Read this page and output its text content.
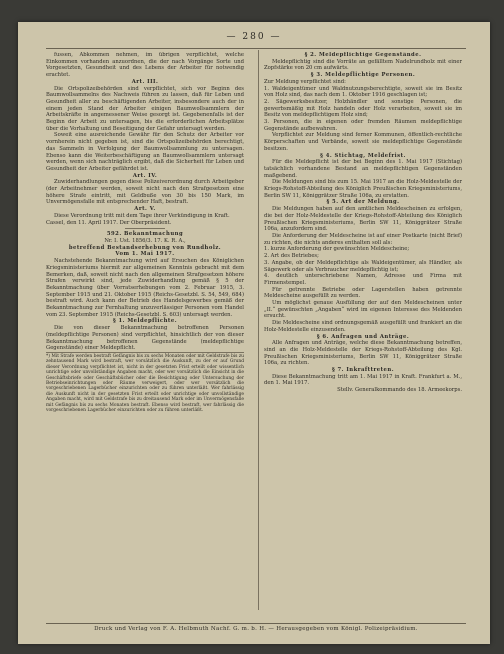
— 280 —

fussen, Abkommen nehmen, im übrigen verpflichtet, welche Einkommen vorhanden anzuordnen, die der nach Vorgänge Sorte und Vorgesetzten, Gesundheit und des Lebens der Arbeiter für notwendig erachtet.

Art. III.

Die Ortspolizeibehörden sind verpflichtet, sich vor Beginn des Baumwollsammelns des Nachweis führen zu lassen, daß für Leben und Gesundheit aller zu beschäftigenden Arbeiter, insbesondere auch der in einem jeden Stand der Arbeiter einigen Baumwollsammlern der Arbeitskräfte in angemessener Weise gesorgt ist. Gegebenenfalls ist der Beginn der Arbeit zu untersagen, bis die erforderlichen Arbeitsplätze über die Vorhaltung und Beseitigung der Gefahr untersagt werden.

Soweit eine ausreichende Gewähr für den Schutz der Arbeiter vor vornherein nicht gegeben ist, sind die Ortspolizeibehörden berechtigt, das Sammeln in Verfolgung der Baumwollsammlung zu untersagen. Ebenso kann die Weiterbeschäftigung an Baumwollsammlern untersagt werden, wenn sich nachträglich ergibt, daß die Sicherheit für Leben und Gesundheit der Arbeiter gefährdet ist.

Art. IV.

Zuwiderhandlungen gegen diese Polizeiverordnung durch Arbeitgeber (der Arbeitnehmer werden, soweit nicht nach den Strafgesetzen eine höhere Strafe eintritt, mit Geldbuße von 30 bis 150 Mark, im Unvermögensfalle mit entsprechender Haft, bestraft.

Art. V.

Diese Verordnung tritt mit dem Tage ihrer Verkündigung in Kraft.

Cassel, den 11. April 1917. Der Oberpräsident.

592. Bekanntmachung

Nr. I. Ust. 1856/3. 17. K. R. A.,

betreffend Bestandserhebung von Rundholz.

Vom 1. Mai 1917.

Nachstehende Bekanntmachung wird auf Ersuchen des Königlichen Kriegsministeriums hiermit zur allgemeinen Kenntnis gebracht mit dem Bemerken, daß, soweit nicht nach den allgemeinen Strafgesetzen höhere Strafen verwirkt sind, jede Zuwiderhandlung gemäß § 5 der Bekanntmachung über Vorratserhebungen vom 2. Februar 1915, 3. September 1915 und 21. Oktober 1915 (Reichs-Gesetzbl. S. 54, 549, 684) bestraft wird. Auch kann der Betrieb des Handelsgewerbes gemäß der Bekanntmachung zur Fernhaltung unzuverlässiger Personen vom Handel vom 23. September 1915 (Reichs-Gesetzbl. S. 603) untersagt werden.

§ 1. Meldepflichte.

Die von dieser Bekanntmachung betroffenen Personen (meldepflichtige Personen) sind verpflichtet, hinsichtlich der von dieser Bekanntmachung betroffenen Gegenstände (meldepflichtige Gegenstände) einer Meldepflicht.

*) Mit Strafe werden bestraft Gefängnis bis zu sechs Monaten oder mit Geldstrafe bis zu zehntausend Mark wird bestraft, wer vorsätzlich die Auskunft, zu der er auf Grund dieser Verordnung verpflichtet ist, nicht in der gesetzten Frist erteilt oder wissentlich unrichtige oder unvollständige Angaben macht, oder wer vorsätzlich die Einsicht in die Geschäftsbriefe oder Geschäftsbücher oder die Besichtigung oder Untersuchung der Betriebseinrichtungen oder Räume verweigert, oder wer vorsätzlich die vorgeschriebenen Lagerbücher einzurichten oder zu führen unterläßt. Wer fahrlässig die Auskunft nicht in der gesetzten Frist erteilt oder unrichtige oder unvollständige Angaben macht, wird mit Geldstrafe bis zu dreitausend Mark oder im Unvermögensfalle mit Gefängnis bis zu sechs Monaten bestraft. Ebenso wird bestraft, wer fahrlässig die vorgeschriebenen Lagerbücher einzurichten oder zu führen unterläßt.

§ 2. Meldepflichtige Gegenstände.

Meldepflichtig sind die Vorräte an gefälltem Nadelrundholz mit einer Zopfstärke von 20 cm aufwärts.

§ 3. Meldepflichtige Personen.

Zur Meldung verpflichtet sind:

1. Waldeigentümer und Waldnutzungsberechtigte, soweit sie im Besitz von Holz sind, das nach dem 1. Oktober 1916 geschlagen ist;

2. Sägewerksbesitzer, Holzhändler und sonstige Personen, die gewerbsmäßig mit Holz handeln oder Holz verarbeiten, soweit sie im Besitz von meldepflichtigem Holz sind;

3. Personen, die in eigenen oder fremden Räumen meldepflichtige Gegenstände aufbewahren.

Verpflichtet zur Meldung sind ferner Kommunen, öffentlich-rechtliche Körperschaften und Verbände, soweit sie meldepflichtige Gegenstände besitzen.

§ 4. Stichtag, Meldefrist.

Für die Meldepflicht ist der bei Beginn des 1. Mai 1917 (Stichtag) tatsächlich vorhandene Bestand an meldepflichtigen Gegenständen maßgebend.

Die Meldungen sind bis zum 15. Mai 1917 an die Holz-Meldestelle der Kriegs-Rohstoff-Abteilung des Königlich Preußischen Kriegsministeriums, Berlin SW 11, Königgrätzer Straße 106a, zu erstatten.

§ 5. Art der Meldung.

Die Meldungen haben auf den amtlichen Meldescheinen zu erfolgen, die bei der Holz-Meldestelle der Kriegs-Rohstoff-Abteilung des Königlich Preußischen Kriegsministeriums, Berlin SW 11, Königgrätzer Straße 106a, anzufordern sind.

Die Anforderung der Meldescheine ist auf einer Postkarte (nicht Brief) zu richten, die nichts anderes enthalten soll als:

1. kurze Anforderung der gewünschten Meldescheine;

2. Art des Betriebes;

3. Angabe, ob der Meldepflichtige als Waldeigentümer, als Händler, als Sägewerk oder als Verbraucher meldepflichtig ist;

4. deutlich unterschriebene Namen, Adresse und Firma mit Firmenstempel.

Für getrennte Betriebe oder Lagerstellen haben getrennte Meldescheine ausgefüllt zu werden.

Um möglichst genaue Ausfüllung der auf den Meldescheinen unter „II.“ gewünschten „Angaben“ wird im eigenen Interesse des Meldenden ersucht.

Die Meldescheine sind ordnungsgemäß ausgefüllt und frankiert an die Holz-Meldestelle einzusenden.

§ 6. Anfragen und Anträge.

Alle Anfragen und Anträge, welche diese Bekanntmachung betreffen, sind an die Holz-Meldestelle der Kriegs-Rohstoff-Abteilung des Kgl. Preußischen Kriegsministeriums, Berlin SW 11, Königgrätzer Straße 106a, zu richten.

§ 7. Inkrafttreten.

Diese Bekanntmachung tritt am 1. Mai 1917 in Kraft. Frankfurt a. M., den 1. Mai 1917.

Stellv. Generalkommando des 18. Armeekorps.

Druck und Verlag von F. A. Helbmuth Nachf. G. m. b. H. — Herausgegeben vom Königl. Polizeipräsidium.
